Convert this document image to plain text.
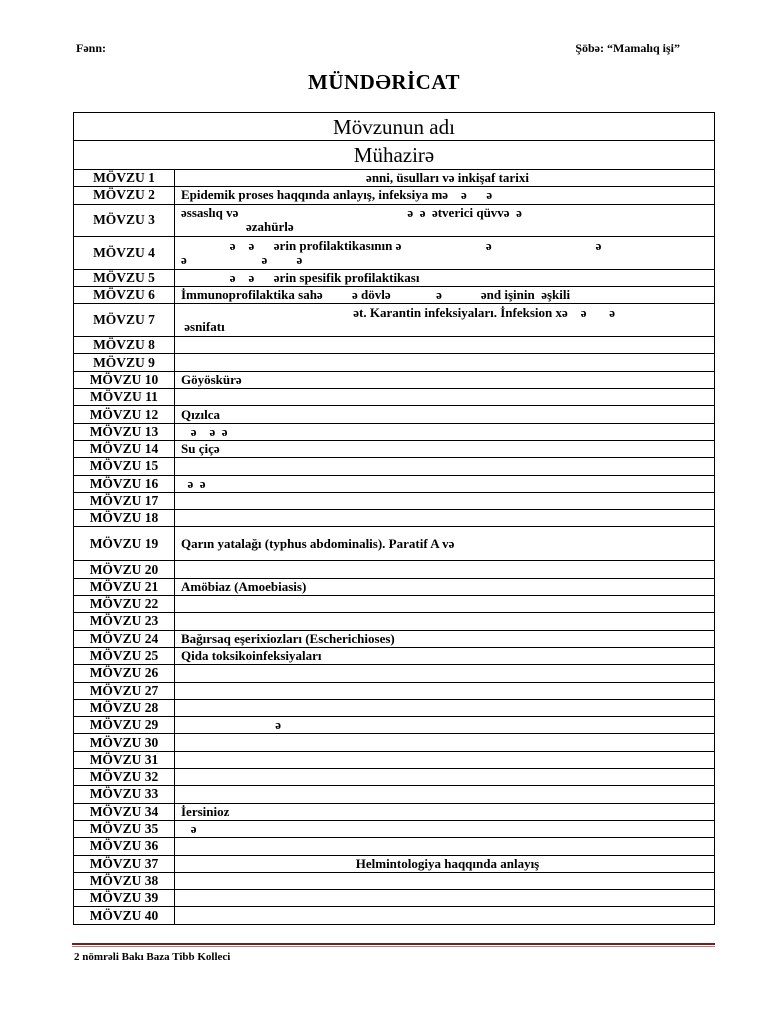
Fənn:	Şöbə: “Mamalıq işi”
MÜNDƏRİCAT
Mövzunun adı	
Mühazirə	
MÖVZU 1	ənni, üsulları və inkişaf tarixi
MÖVZU 2	Epidemik proses haqqında anlayış, infeksiya mə    ə      ə
MÖVZU 3	əssaslıq və                                                    ə  ə  ətverici qüvvə  ə
əzahürlə
MÖVZU 4	ə    ə      ərin profilaktikasının ə                          ə                                ə
ə                       ə         ə
MÖVZU 5	ə    ə      ərin spesifik profilaktikası
MÖVZU 6	İmmunoprofilaktika sahə         ə dövlə              ə            ənd işinin  əşkili
MÖVZU 7	ət. Karantin infeksiyaları. İnfeksion xə    ə       ə
əsnifatı
MÖVZU 8	
MÖVZU 9	
MÖVZU 10	Göyöskürə
MÖVZU 11	
MÖVZU 12	Qızılca
MÖVZU 13	ə    ə  ə
MÖVZU 14	Su çiçə
MÖVZU 15	
MÖVZU 16	ə  ə
MÖVZU 17	
MÖVZU 18	
MÖVZU 19	Qarın yatalağı (typhus abdominalis). Paratif A və
MÖVZU 20	
MÖVZU 21	Amöbiaz (Amoebiasis)
MÖVZU 22	
MÖVZU 23	
MÖVZU 24	Bağırsaq eşerixiozları (Escherichioses)
MÖVZU 25	Qida toksikoinfeksiyaları
MÖVZU 26	
MÖVZU 27	
MÖVZU 28	
MÖVZU 29	ə
MÖVZU 30	
MÖVZU 31	
MÖVZU 32	
MÖVZU 33	
MÖVZU 34	İersinioz
MÖVZU 35	ə
MÖVZU 36	
MÖVZU 37	Helmintologiya haqqında anlayış
MÖVZU 38	
MÖVZU 39	
MÖVZU 40	
2 nömrəli Bakı Baza Tibb Kolleci
